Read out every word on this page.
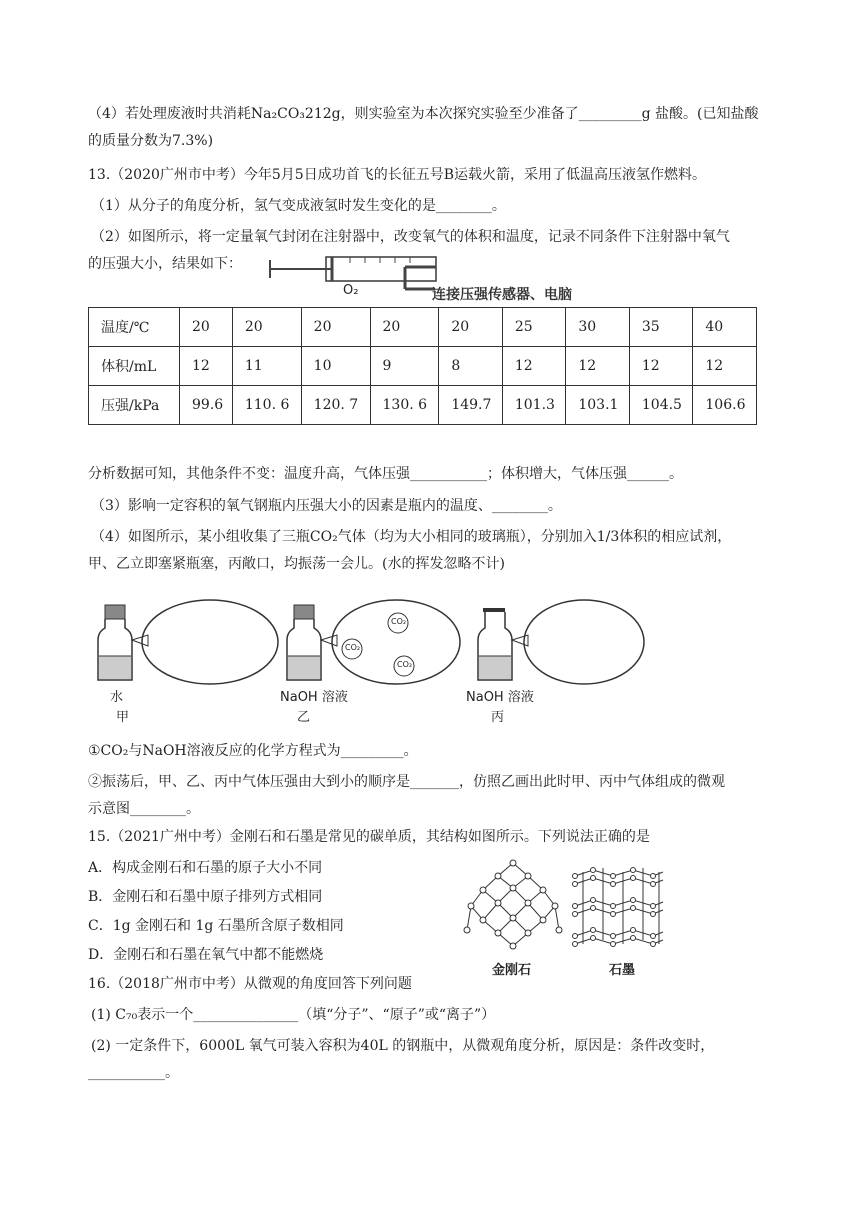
（4）若处理废液时共消耗Na₂CO₃212g，则实验室为本次探究实验至少准备了_________g 盐酸。(已知盐酸
的质量分数为7.3%)
13.（2020广州市中考）今年5月5日成功首飞的长征五号B运载火箭，采用了低温高压液氢作燃料。
（1）从分子的角度分析，氢气变成液氢时发生变化的是________。
（2）如图所示，将一定量氧气封闭在注射器中，改变氧气的体积和温度，记录不同条件下注射器中氧气
的压强大小，结果如下：
O₂	连接压强传感器、电脑
温度/℃	20	20	20	20	20	25	30	35	40
体积/mL	12	11	10	9	8	12	12	12	12
压强/kPa	99.6	110. 6	120. 7	130. 6	149.7	101.3	103.1	104.5	106.6
分析数据可知，其他条件不变：温度升高，气体压强___________；体积增大，气体压强______。
（3）影响一定容积的氧气钢瓶内压强大小的因素是瓶内的温度、________。
（4）如图所示，某小组收集了三瓶CO₂气体（均为大小相同的玻璃瓶），分别加入1/3体积的相应试剂，
甲、乙立即塞紧瓶塞，丙敞口，均振荡一会儿。(水的挥发忽略不计)
CO₂
CO₂
CO₂
水
甲
NaOH 溶液
乙
NaOH 溶液
丙
①CO₂与NaOH溶液反应的化学方程式为_________。
②振荡后，甲、乙、丙中气体压强由大到小的顺序是_______，仿照乙画出此时甲、丙中气体组成的微观
示意图________。
15.（2021广州中考）金刚石和石墨是常见的碳单质，其结构如图所示。下列说法正确的是
A．构成金刚石和石墨的原子大小不同
B．金刚石和石墨中原子排列方式相同
C．1g 金刚石和 1g 石墨所含原子数相同
D．金刚石和石墨在氧气中都不能燃烧
金刚石	石墨
16.（2018广州市中考）从微观的角度回答下列问题
(1) C₇₀表示一个_______________（填“分子”、“原子”或“离子”）
(2) 一定条件下，6000L 氧气可装入容积为40L 的钢瓶中，从微观角度分析，原因是：条件改变时，
___________。
